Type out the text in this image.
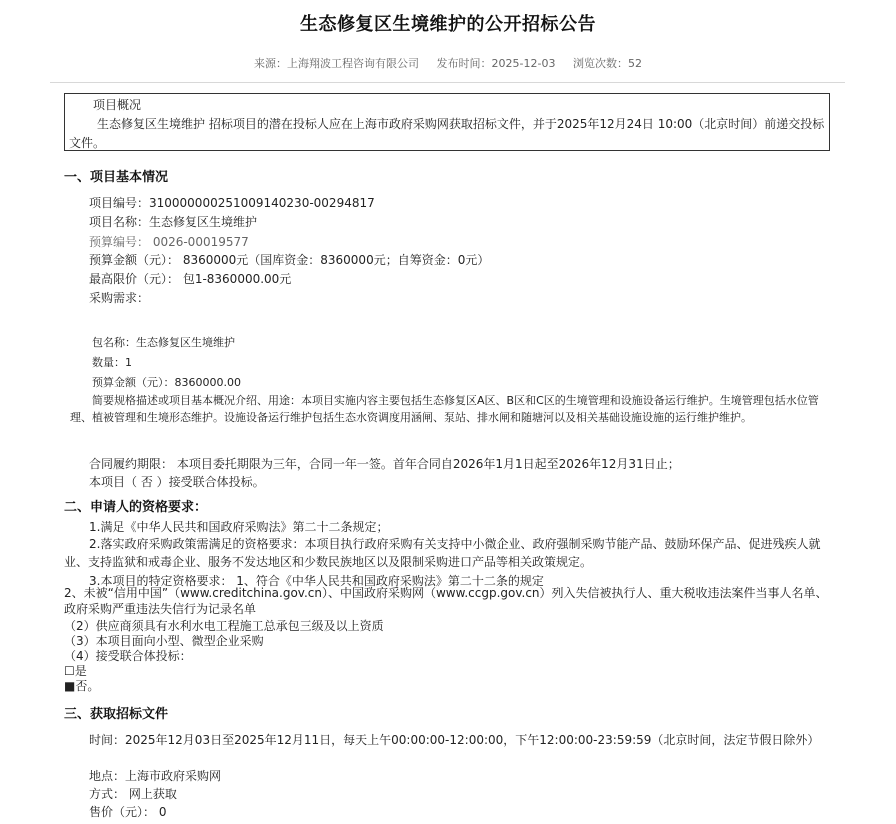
生态修复区生境维护的公开招标公告
来源：上海翔波工程咨询有限公司 发布时间：2025-12-03 浏览次数：52
项目概况
生态修复区生境维护 招标项目的潜在投标人应在上海市政府采购网获取招标文件，并于2025年12月24日 10:00（北京时间）前递交投标文件。
一、项目基本情况
项目编号：310000000251009140230-00294817
项目名称：生态修复区生境维护
预算编号： 0026-00019577
预算金额（元）： 8360000元（国库资金：8360000元；自筹资金：0元）
最高限价（元）： 包1-8360000.00元
采购需求：
包名称：生态修复区生境维护
数量：1
预算金额（元）：8360000.00
简要规格描述或项目基本概况介绍、用途：本项目实施内容主要包括生态修复区A区、B区和C区的生境管理和设施设备运行维护。生境管理包括水位管理、植被管理和生境形态维护。设施设备运行维护包括生态水资调度用涵闸、泵站、排水闸和随塘河以及相关基础设施设施的运行维护维护。
合同履约期限： 本项目委托期限为三年，合同一年一签。首年合同自2026年1月1日起至2026年12月31日止；
本项目（ 否 ）接受联合体投标。
二、申请人的资格要求：
1.满足《中华人民共和国政府采购法》第二十二条规定；
2.落实政府采购政策需满足的资格要求：本项目执行政府采购有关支持中小微企业、政府强制采购节能产品、鼓励环保产品、促进残疾人就业、支持监狱和戒毒企业、服务不发达地区和少数民族地区以及限制采购进口产品等相关政策规定。
3.本项目的特定资格要求： 1、符合《中华人民共和国政府采购法》第二十二条的规定
2、未被“信用中国”（www.creditchina.gov.cn）、中国政府采购网（www.ccgp.gov.cn）列入失信被执行人、重大税收违法案件当事人名单、政府采购严重违法失信行为记录名单
（2）供应商须具有水利水电工程施工总承包三级及以上资质
（3）本项目面向小型、微型企业采购
（4）接受联合体投标：
☐是
■否。
三、获取招标文件
时间：2025年12月03日至2025年12月11日，每天上午00:00:00-12:00:00，下午12:00:00-23:59:59（北京时间，法定节假日除外）
地点：上海市政府采购网
方式： 网上获取
售价（元）： 0
